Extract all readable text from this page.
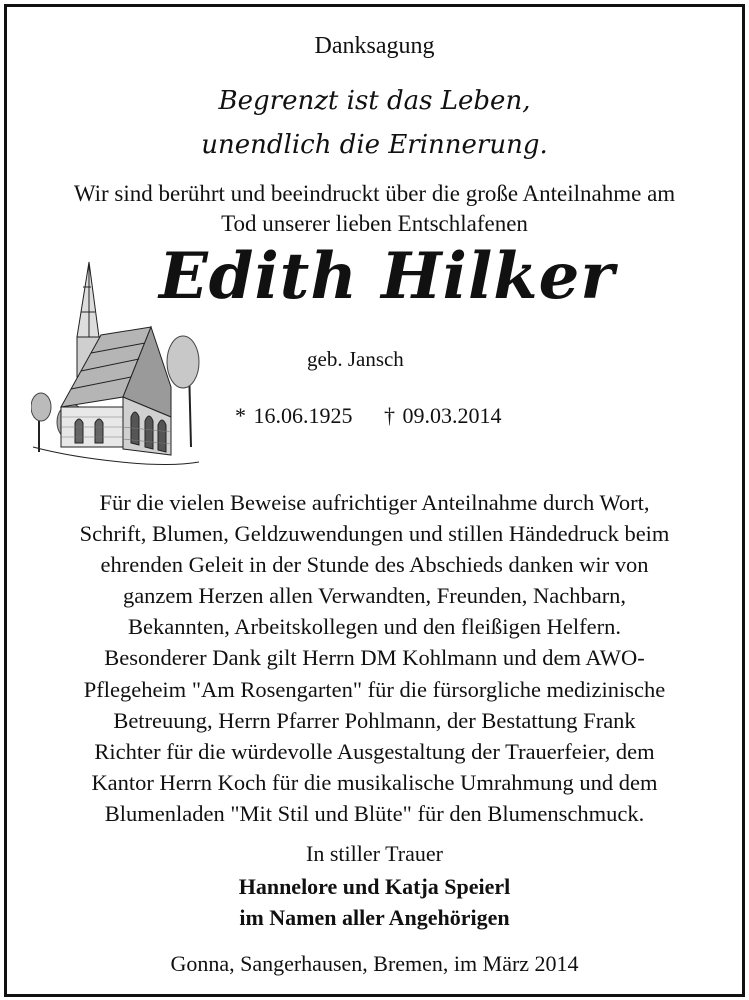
Danksagung
Begrenzt ist das Leben,
unendlich die Erinnerung.
Wir sind berührt und beeindruckt über die große Anteilnahme am
Tod unserer lieben Entschlafenen
Edith Hilker
geb. Jansch
* 16.06.1925 † 09.03.2014
Für die vielen Beweise aufrichtiger Anteilnahme durch Wort,
Schrift, Blumen, Geldzuwendungen und stillen Händedruck beim
ehrenden Geleit in der Stunde des Abschieds danken wir von
ganzem Herzen allen Verwandten, Freunden, Nachbarn,
Bekannten, Arbeitskollegen und den fleißigen Helfern.
Besonderer Dank gilt Herrn DM Kohlmann und dem AWO-
Pflegeheim "Am Rosengarten" für die fürsorgliche medizinische
Betreuung, Herrn Pfarrer Pohlmann, der Bestattung Frank
Richter für die würdevolle Ausgestaltung der Trauerfeier, dem
Kantor Herrn Koch für die musikalische Umrahmung und dem
Blumenladen "Mit Stil und Blüte" für den Blumenschmuck.
In stiller Trauer
Hannelore und Katja Speierl
im Namen aller Angehörigen
Gonna, Sangerhausen, Bremen, im März 2014
